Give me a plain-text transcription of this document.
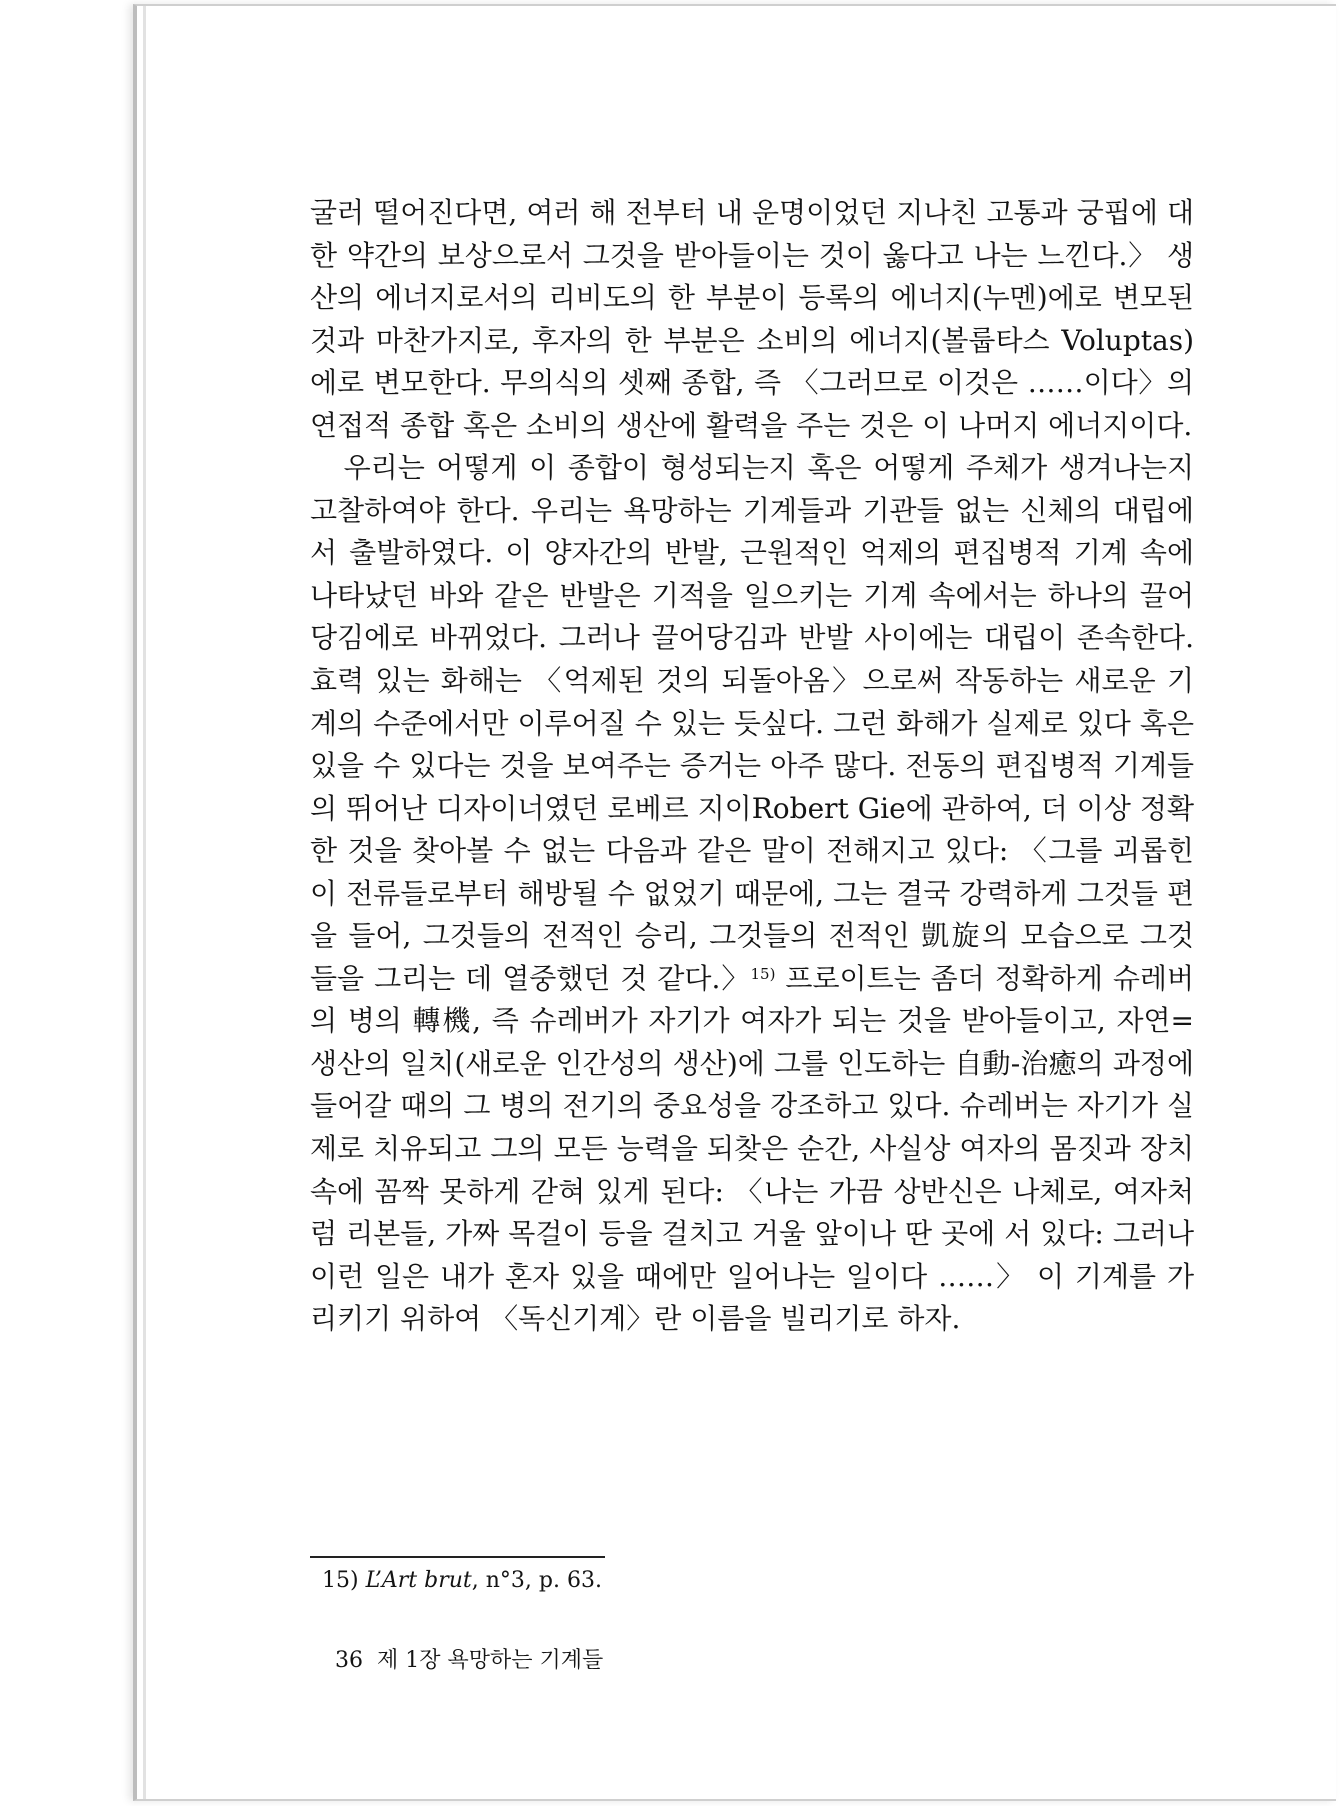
굴러 떨어진다면, 여러 해 전부터 내 운명이었던 지나친 고통과 궁핍에 대한 약간의 보상으로서 그것을 받아들이는 것이 옳다고 나는 느낀다.〉 생산의 에너지로서의 리비도의 한 부분이 등록의 에너지(누멘)에로 변모된 것과 마찬가지로, 후자의 한 부분은 소비의 에너지(볼룹타스 Voluptas)에로 변모한다. 무의식의 셋째 종합, 즉 〈그러므로 이것은 ……이다〉의 연접적 종합 혹은 소비의 생산에 활력을 주는 것은 이 나머지 에너지이다.

우리는 어떻게 이 종합이 형성되는지 혹은 어떻게 주체가 생겨나는지 고찰하여야 한다. 우리는 욕망하는 기계들과 기관들 없는 신체의 대립에서 출발하였다. 이 양자간의 반발, 근원적인 억제의 편집병적 기계 속에 나타났던 바와 같은 반발은 기적을 일으키는 기계 속에서는 하나의 끌어당김에로 바뀌었다. 그러나 끌어당김과 반발 사이에는 대립이 존속한다. 효력 있는 화해는 〈억제된 것의 되돌아옴〉으로써 작동하는 새로운 기계의 수준에서만 이루어질 수 있는 듯싶다. 그런 화해가 실제로 있다 혹은 있을 수 있다는 것을 보여주는 증거는 아주 많다. 전동의 편집병적 기계들의 뛰어난 디자이너였던 로베르 지이Robert Gie에 관하여, 더 이상 정확한 것을 찾아볼 수 없는 다음과 같은 말이 전해지고 있다: 〈그를 괴롭힌 이 전류들로부터 해방될 수 없었기 때문에, 그는 결국 강력하게 그것들 편을 들어, 그것들의 전적인 승리, 그것들의 전적인 凱旋의 모습으로 그것들을 그리는 데 열중했던 것 같다.〉$^{15)}$ 프로이트는 좀더 정확하게 슈레버의 병의 轉機, 즉 슈레버가 자기가 여자가 되는 것을 받아들이고, 자연=생산의 일치(새로운 인간성의 생산)에 그를 인도하는 自動-治癒의 과정에 들어갈 때의 그 병의 전기의 중요성을 강조하고 있다. 슈레버는 자기가 실제로 치유되고 그의 모든 능력을 되찾은 순간, 사실상 여자의 몸짓과 장치 속에 꼼짝 못하게 갇혀 있게 된다: 〈나는 가끔 상반신은 나체로, 여자처럼 리본들, 가짜 목걸이 등을 걸치고 거울 앞이나 딴 곳에 서 있다: 그러나 이런 일은 내가 혼자 있을 때에만 일어나는 일이다 ……〉 이 기계를 가리키기 위하여 〈독신기계〉란 이름을 빌리기로 하자.

15) L’Art brut, n°3, p. 63.
36 제 1장 욕망하는 기계들
